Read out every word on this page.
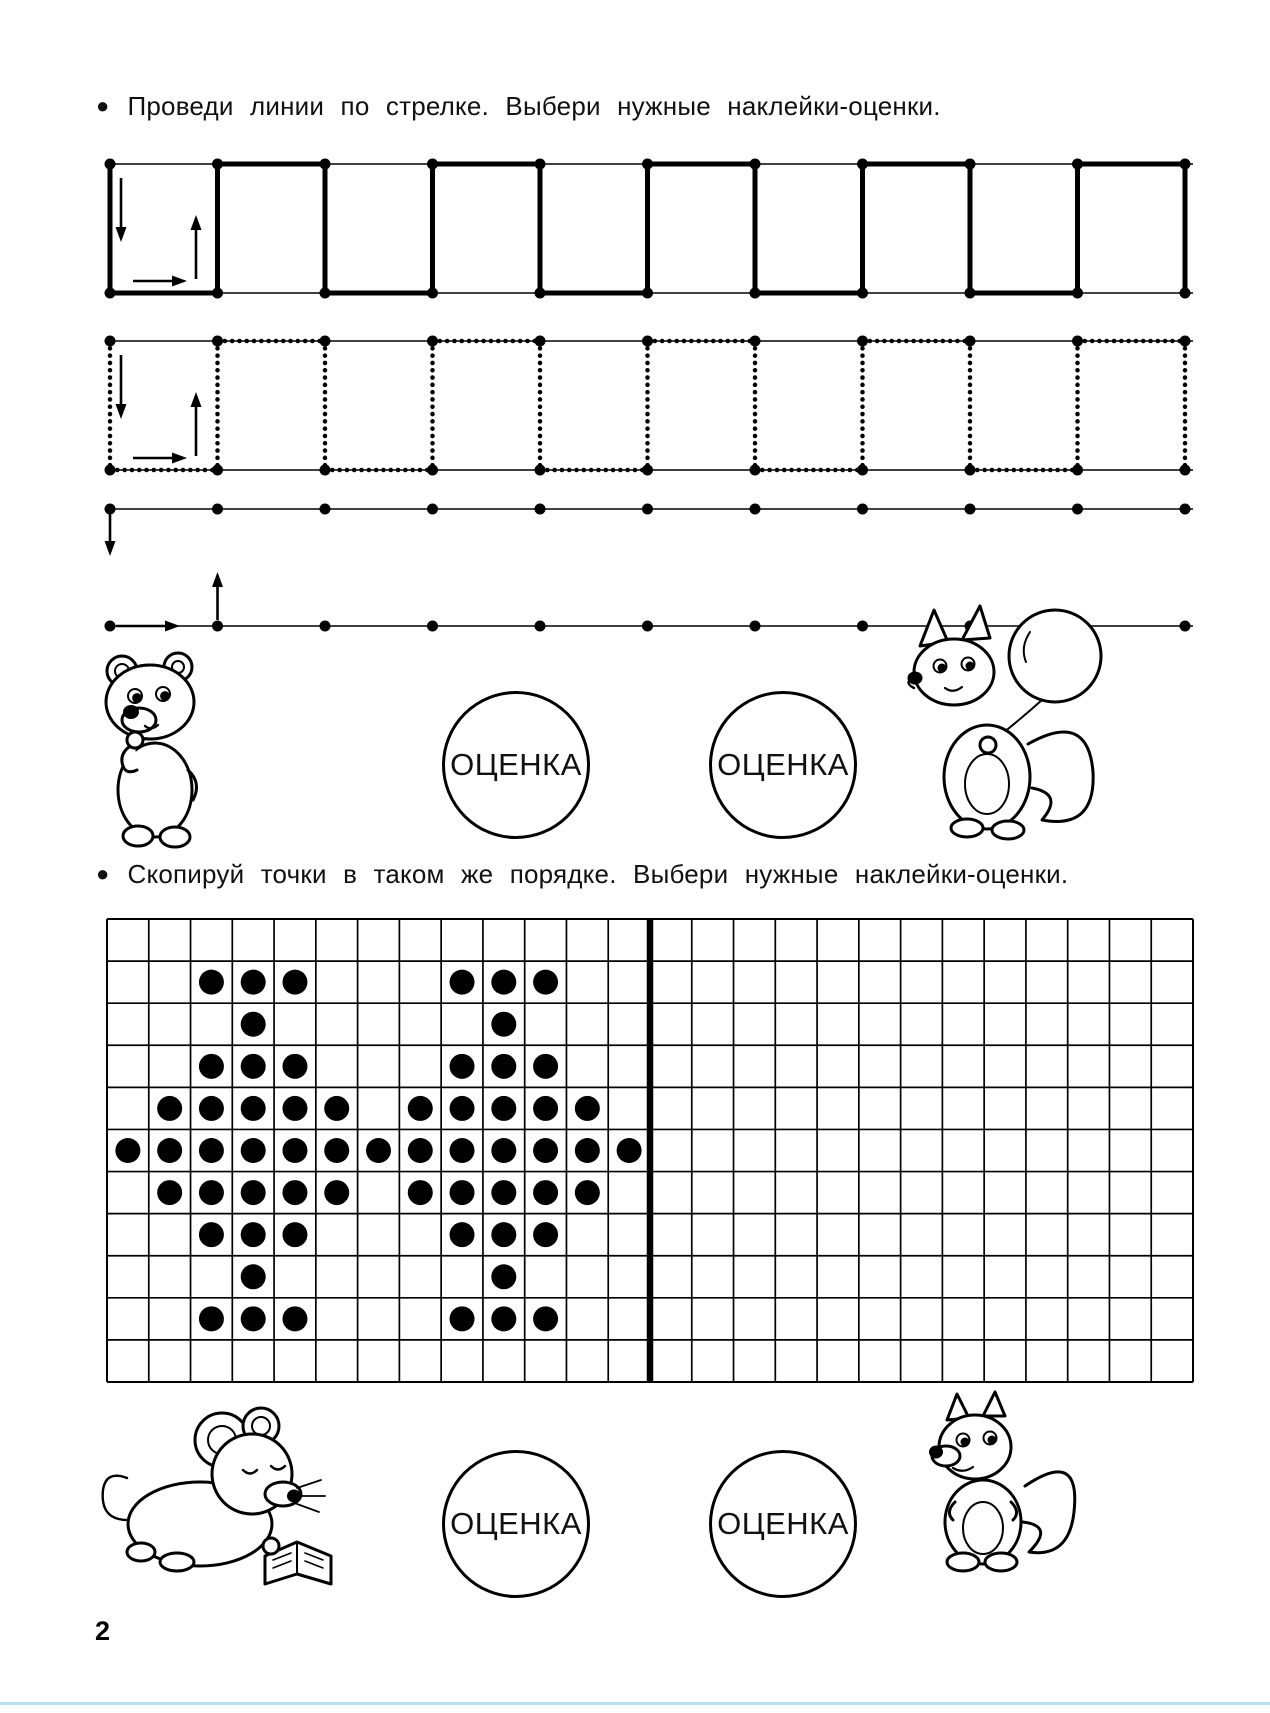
● Проведи линии по стрелке. Выбери нужные наклейки-оценки.
ОЦЕНКА	ОЦЕНКА
● Скопируй точки в таком же порядке. Выбери нужные наклейки-оценки.
ОЦЕНКА	ОЦЕНКА
2
